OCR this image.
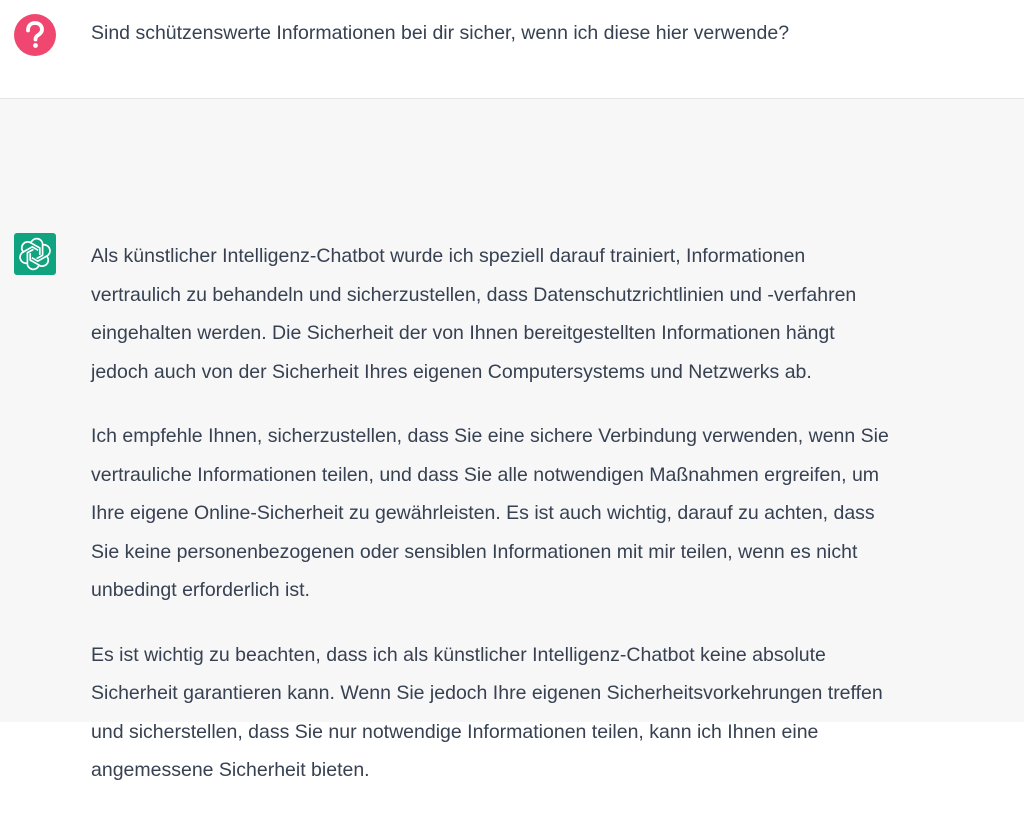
Sind schützenswerte Informationen bei dir sicher, wenn ich diese hier verwende?
Als künstlicher Intelligenz-Chatbot wurde ich speziell darauf trainiert, Informationen
vertraulich zu behandeln und sicherzustellen, dass Datenschutzrichtlinien und -verfahren
eingehalten werden. Die Sicherheit der von Ihnen bereitgestellten Informationen hängt
jedoch auch von der Sicherheit Ihres eigenen Computersystems und Netzwerks ab.
Ich empfehle Ihnen, sicherzustellen, dass Sie eine sichere Verbindung verwenden, wenn Sie
vertrauliche Informationen teilen, und dass Sie alle notwendigen Maßnahmen ergreifen, um
Ihre eigene Online-Sicherheit zu gewährleisten. Es ist auch wichtig, darauf zu achten, dass
Sie keine personenbezogenen oder sensiblen Informationen mit mir teilen, wenn es nicht
unbedingt erforderlich ist.
Es ist wichtig zu beachten, dass ich als künstlicher Intelligenz-Chatbot keine absolute
Sicherheit garantieren kann. Wenn Sie jedoch Ihre eigenen Sicherheitsvorkehrungen treffen
und sicherstellen, dass Sie nur notwendige Informationen teilen, kann ich Ihnen eine
angemessene Sicherheit bieten.
